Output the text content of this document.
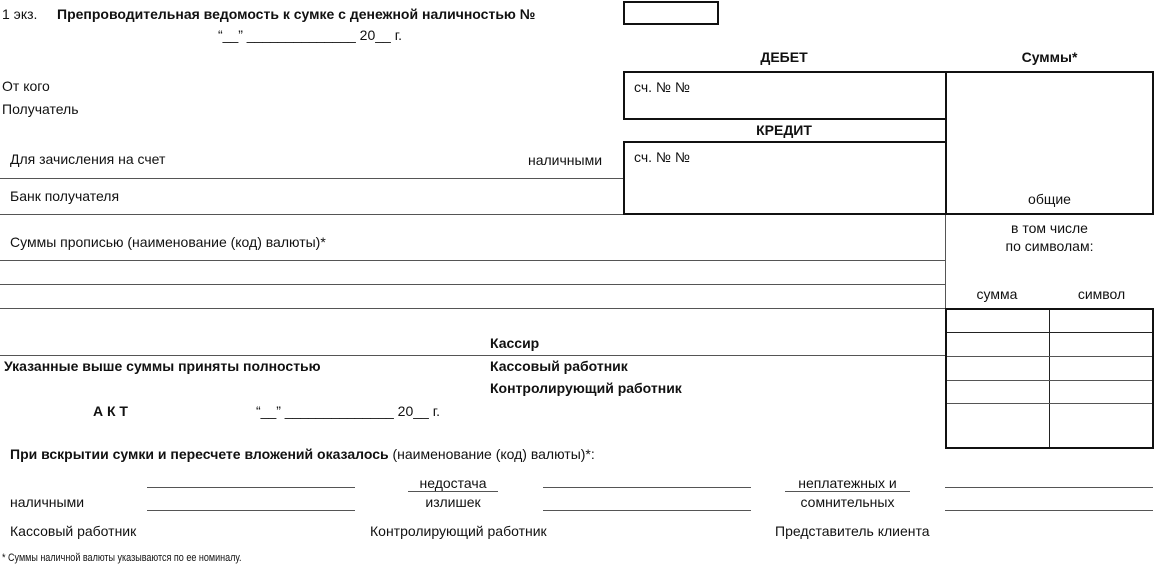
1 экз. Препроводительная ведомость к сумке с денежной наличностью №
“__” ______________ 20__ г.
ДЕБЕТ	Суммы*
сч. № №
общие
КРЕДИТ
сч. № №
От кого
Получатель
Для зачисления на счет	наличными
Банк получателя
Суммы прописью (наименование (код) валюты)*
в том числе
по символам:
сумма	символ
Кассир
Указанные выше суммы приняты полностью	Кассовый работник
Контролирующий работник
А К Т	“__” ______________ 20__ г.
При вскрытии сумки и пересчете вложений оказалось (наименование (код) валюты)*:
недостача
излишек
неплатежных и
сомнительных
наличными
Кассовый работник	Контролирующий работник	Представитель клиента
* Суммы наличной валюты указываются по ее номиналу.
